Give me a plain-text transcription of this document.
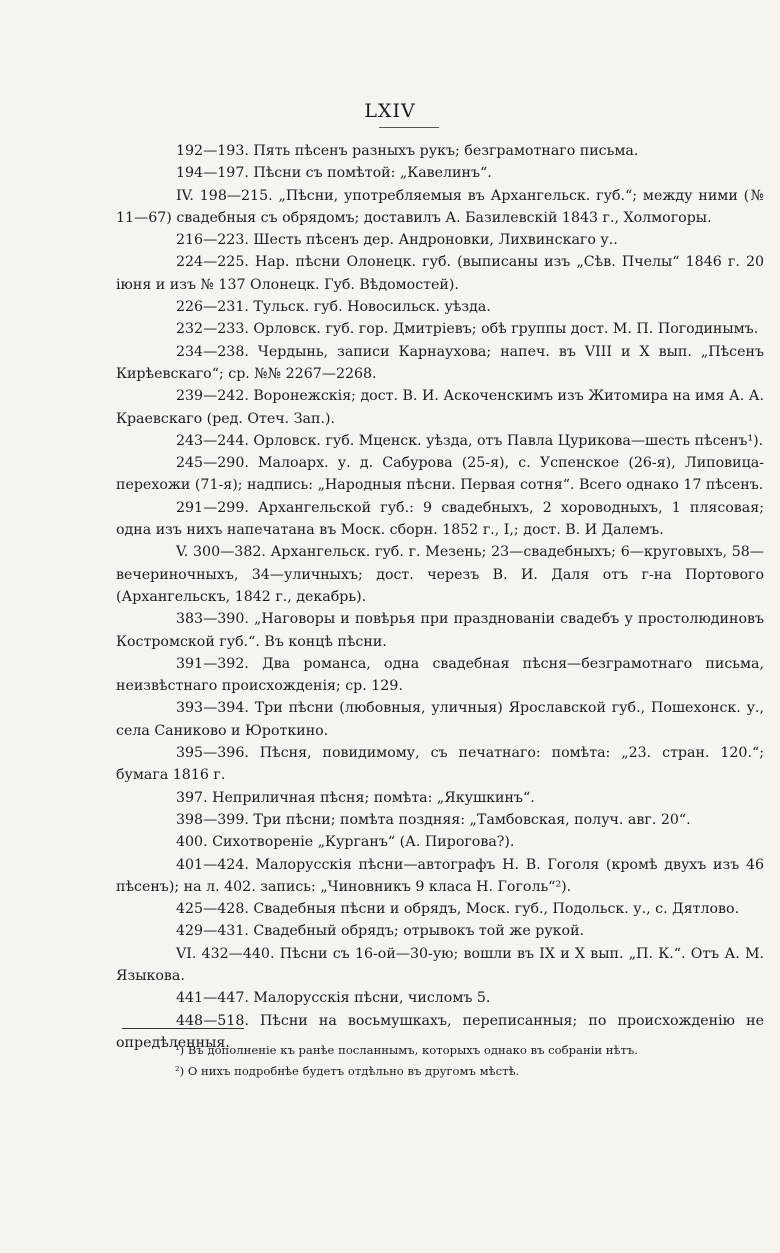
LXIV

192—193. Пять пѣсенъ разныхъ рукъ; безграмотнаго письма.

194—197. Пѣсни съ помѣтой: „Кавелинъ“.

IV. 198—215. „Пѣсни, употребляемыя въ Архангельск. губ.“; между ними (№ 11—67) свадебныя съ обрядомъ; доставилъ А. Базилевскій 1843 г., Холмогоры.

216—223. Шесть пѣсенъ дер. Андроновки, Лихвинскаго у..

224—225. Нар. пѣсни Олонецк. губ. (выписаны изъ „Сѣв. Пчелы“ 1846 г. 20 іюня и изъ № 137 Олонецк. Губ. Вѣдомостей).

226—231. Тульск. губ. Новосильск. уѣзда.

232—233. Орловск. губ. гор. Дмитріевъ; обѣ группы дост. М. П. Погодинымъ.

234—238. Чердынь, записи Карнаухова; напеч. въ VIII и X вып. „Пѣсенъ Кирѣевскаго“; ср. №№ 2267—2268.

239—242. Воронежскія; дост. В. И. Аскоченскимъ изъ Житомира на имя А. А. Краевскаго (ред. Отеч. Зап.).

243—244. Орловск. губ. Мценск. уѣзда, отъ Павла Цурикова—шесть пѣсенъ¹).

245—290. Малоарх. у. д. Сабурова (25-я), с. Успенское (26-я), Липовица-перехожи (71-я); надпись: „Народныя пѣсни. Первая сотня“. Всего однако 17 пѣсенъ.

291—299. Архангельской губ.: 9 свадебныхъ, 2 хороводныхъ, 1 плясовая; одна изъ нихъ напечатана въ Моск. сборн. 1852 г., I,; дост. В. И Далемъ.

V. 300—382. Архангельск. губ. г. Мезень; 23—свадебныхъ; 6—круговыхъ, 58—вечериночныхъ, 34—уличныхъ; дост. черезъ В. И. Даля отъ г-на Портового (Архангельскъ, 1842 г., декабрь).

383—390. „Наговоры и повѣрья при праздновaніи свадебъ у простолюдиновъ Костромской губ.“. Въ концѣ пѣсни.

391—392. Два романса, одна свадебная пѣсня—безграмотнаго письма, неизвѣстнаго происхожденія; ср. 129.

393—394. Три пѣсни (любовныя, уличныя) Ярославской губ., Пошехонск. у., села Саниково и Юроткино.

395—396. Пѣсня, повидимому, съ печатнаго: помѣта: „23. стран. 120.“; бумага 1816 г.

397. Неприличная пѣсня; помѣта: „Якушкинъ“.

398—399. Три пѣсни; помѣта поздняя: „Тамбовская, получ. авг. 20“.

400. Сихотвореніе „Курганъ“ (А. Пирогова?).

401—424. Малорусскія пѣсни—автографъ Н. В. Гоголя (кромѣ двухъ изъ 46 пѣсенъ); на л. 402. запись: „Чиновникъ 9 класа Н. Гоголь“²).

425—428. Свадебныя пѣсни и обрядъ, Моск. губ., Подольск. у., с. Дятлово.

429—431. Свадебный обрядъ; отрывокъ той же рукой.

VI. 432—440. Пѣсни съ 16-ой—30-ую; вошли въ IX и X вып. „П. К.“. Отъ А. М. Языкова.

441—447. Малорусскія пѣсни, числомъ 5.

448—518. Пѣсни на восьмушкахъ, переписанныя; по происхожденію не опредѣленныя.

¹) Въ дополненіе къ ранѣе посланнымъ, которыхъ однако въ собраніи нѣтъ.

²) О нихъ подробнѣе будетъ отдѣльно въ другомъ мѣстѣ.
